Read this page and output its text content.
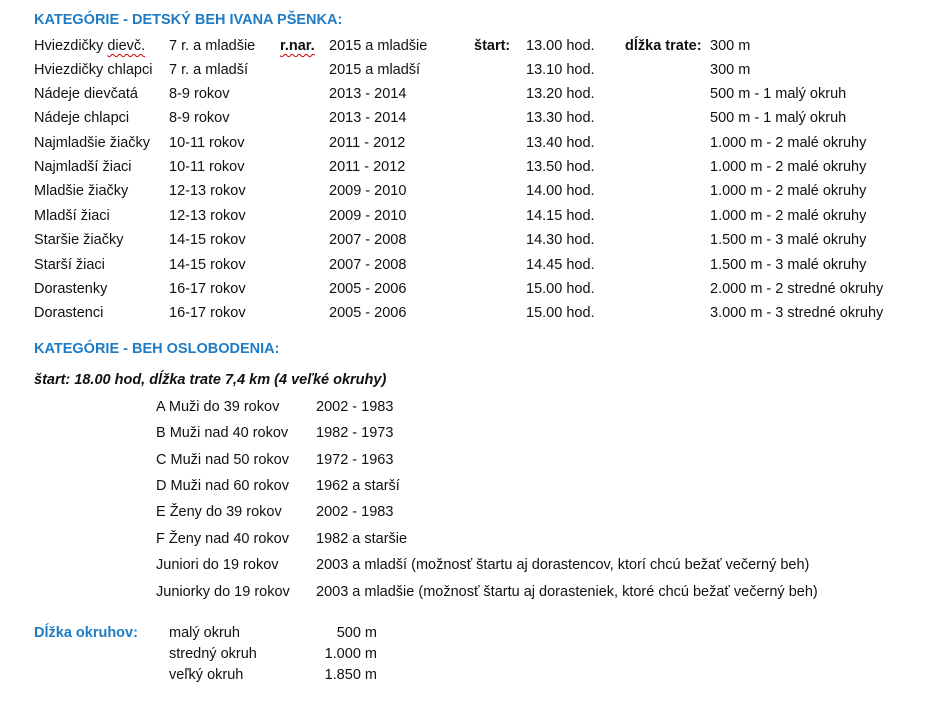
KATEGÓRIE - DETSKÝ BEH IVANA PŠENKA:
Hviezdičky dievč. 7 r. a mladšie r.nar. 2015 a mladšie	štart: 13.00 hod. dĺžka trate: 300 m
Hviezdičky chlapci 7 r. a mladší	2015 a mladší	13.10 hod.	300 m
Nádeje dievčatá 8-9 rokov	2013 - 2014	13.20 hod.	500 m - 1 malý okruh
Nádeje chlapci	8-9 rokov	2013 - 2014	13.30 hod.	500 m - 1 malý okruh
Najmladšie žiačky 10-11 rokov	2011 - 2012	13.40 hod.	1.000 m - 2 malé okruhy
Najmladší žiaci	10-11 rokov	2011 - 2012	13.50 hod.	1.000 m - 2 malé okruhy
Mladšie žiačky	12-13 rokov	2009 - 2010	14.00 hod.	1.000 m - 2 malé okruhy
Mladší žiaci	12-13 rokov	2009 - 2010	14.15 hod.	1.000 m - 2 malé okruhy
Staršie žiačky	14-15 rokov	2007 - 2008	14.30 hod.	1.500 m - 3 malé okruhy
Starší žiaci	14-15 rokov	2007 - 2008	14.45 hod.	1.500 m - 3 malé okruhy
Dorastenky	16-17 rokov	2005 - 2006	15.00 hod.	2.000 m - 2 stredné okruhy
Dorastenci	16-17 rokov	2005 - 2006	15.00 hod.	3.000 m - 3 stredné okruhy
KATEGÓRIE - BEH OSLOBODENIA:
štart: 18.00 hod, dĺžka trate 7,4 km (4 veľké okruhy)
A Muži do 39 rokov	2002 - 1983
B Muži nad 40 rokov 1982 - 1973
C Muži nad 50 rokov 1972 - 1963
D Muži nad 60 rokov 1962 a starší
E Ženy do 39 rokov 2002 - 1983
F Ženy nad 40 rokov 1982 a staršie
Juniori do 19 rokov	2003 a mladší (možnosť štartu aj dorastencov, ktorí chcú bežať večerný beh)
Juniorky do 19 rokov 2003 a mladšie (možnosť štartu aj dorasteniek, ktoré chcú bežať večerný beh)
Dĺžka okruhov: malý okruh	500 m
stredný okruh	1.000 m
veľký okruh	1.850 m
